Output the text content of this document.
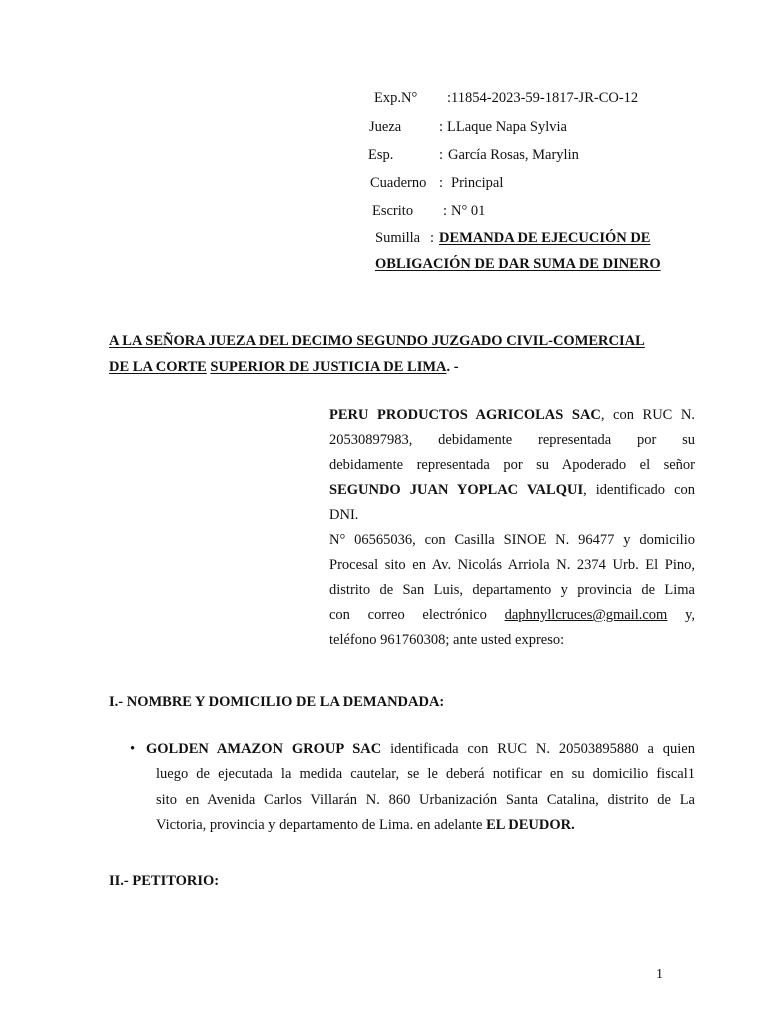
Exp.N° :11854-2023-59-1817-JR-CO-12
Jueza	: LLaque Napa Sylvia
Esp.	: García Rosas, Marylin
Cuaderno : Principal
Escrito : N° 01
Sumilla : DEMANDA DE EJECUCIÓN DE
OBLIGACIÓN DE DAR SUMA DE DINERO
A LA SEÑORA JUEZA DEL DECIMO SEGUNDO JUZGADO CIVIL-COMERCIAL
DE LA CORTE SUPERIOR DE JUSTICIA DE LIMA. -
PERU PRODUCTOS AGRICOLAS SAC, con RUC N.
20530897983, debidamente representada por su
debidamente representada por su Apoderado el señor
SEGUNDO JUAN YOPLAC VALQUI, identificado con
DNI.
N° 06565036, con Casilla SINOE N. 96477 y domicilio
Procesal sito en Av. Nicolás Arriola N. 2374 Urb. El Pino,
distrito de San Luis, departamento y provincia de Lima
con correo electrónico daphnyllcruces@gmail.com y,
teléfono 961760308; ante usted expreso:
I.- NOMBRE Y DOMICILIO DE LA DEMANDADA:
• GOLDEN AMAZON GROUP SAC identificada con RUC N. 20503895880 a quien
luego de ejecutada la medida cautelar, se le deberá notificar en su domicilio fiscal1
sito en Avenida Carlos Villarán N. 860 Urbanización Santa Catalina, distrito de La
Victoria, provincia y departamento de Lima. en adelante EL DEUDOR.
II.- PETITORIO:
1
